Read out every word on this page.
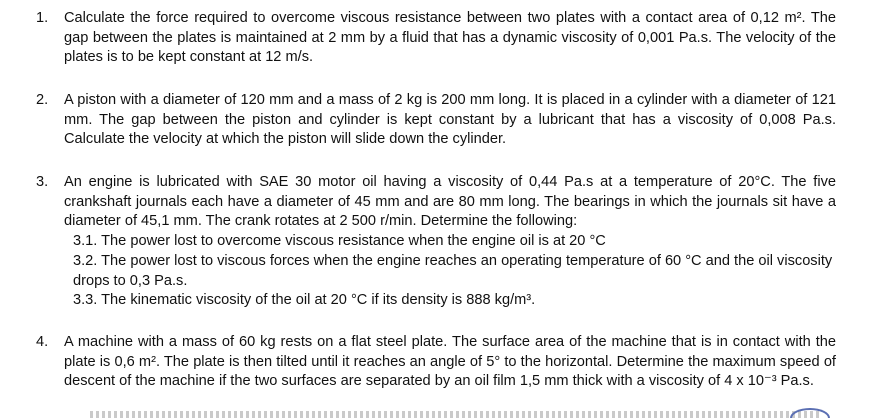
1.	Calculate the force required to overcome viscous resistance between two plates with a contact area of 0,12 m². The gap between the plates is maintained at 2 mm by a fluid that has a dynamic viscosity of 0,001 Pa.s. The velocity of the plates is to be kept constant at 12 m/s.
2.	A piston with a diameter of 120 mm and a mass of 2 kg is 200 mm long. It is placed in a cylinder with a diameter of 121 mm. The gap between the piston and cylinder is kept constant by a lubricant that has a viscosity of 0,008 Pa.s. Calculate the velocity at which the piston will slide down the cylinder.
3.	An engine is lubricated with SAE 30 motor oil having a viscosity of 0,44 Pa.s at a temperature of 20°C. The five crankshaft journals each have a diameter of 45 mm and are 80 mm long. The bearings in which the journals sit have a diameter of 45,1 mm. The crank rotates at 2 500 r/min. Determine the following:
3.1. The power lost to overcome viscous resistance when the engine oil is at 20 °C
3.2. The power lost to viscous forces when the engine reaches an operating temperature of 60 °C and the oil viscosity drops to 0,3 Pa.s.
3.3. The kinematic viscosity of the oil at 20 °C if its density is 888 kg/m³.
4.	A machine with a mass of 60 kg rests on a flat steel plate. The surface area of the machine that is in contact with the plate is 0,6 m². The plate is then tilted until it reaches an angle of 5° to the horizontal. Determine the maximum speed of descent of the machine if the two surfaces are separated by an oil film 1,5 mm thick with a viscosity of 4 x 10⁻³ Pa.s.
